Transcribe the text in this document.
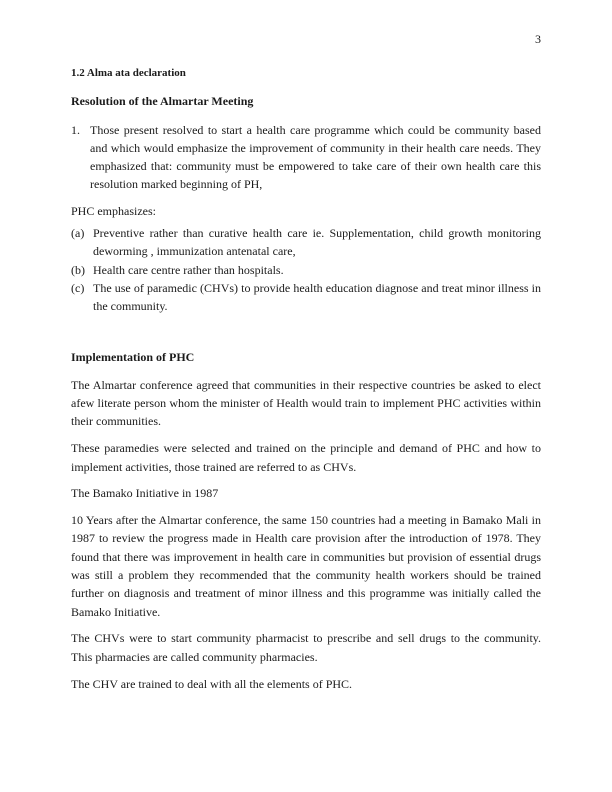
3

1.2 Alma ata declaration

Resolution of the Almartar Meeting

1. Those present resolved to start a health care programme which could be community based and which would emphasize the improvement of community in their health care needs. They emphasized that: community must be empowered to take care of their own health care this resolution marked beginning of PH,

PHC emphasizes:

(a) Preventive rather than curative health care ie. Supplementation, child growth monitoring deworming , immunization antenatal care,
(b) Health care centre rather than hospitals.
(c) The use of paramedic (CHVs) to provide health education diagnose and treat minor illness in the community.

Implementation of PHC

The Almartar conference agreed that communities in their respective countries be asked to elect afew literate person whom the minister of Health would train to implement PHC activities within their communities.

These paramedies were selected and trained on the principle and demand of PHC and how to implement activities, those trained are referred to as CHVs.

The Bamako Initiative in 1987

10 Years after the Almartar conference, the same 150 countries had a meeting in Bamako Mali in 1987 to review the progress made in Health care provision after the introduction of 1978. They found that there was improvement in health care in communities but provision of essential drugs was still a problem they recommended that the community health workers should be trained further on diagnosis and treatment of minor illness and this programme was initially called the Bamako Initiative.

The CHVs were to start community pharmacist to prescribe and sell drugs to the community. This pharmacies are called community pharmacies.

The CHV are trained to deal with all the elements of PHC.
